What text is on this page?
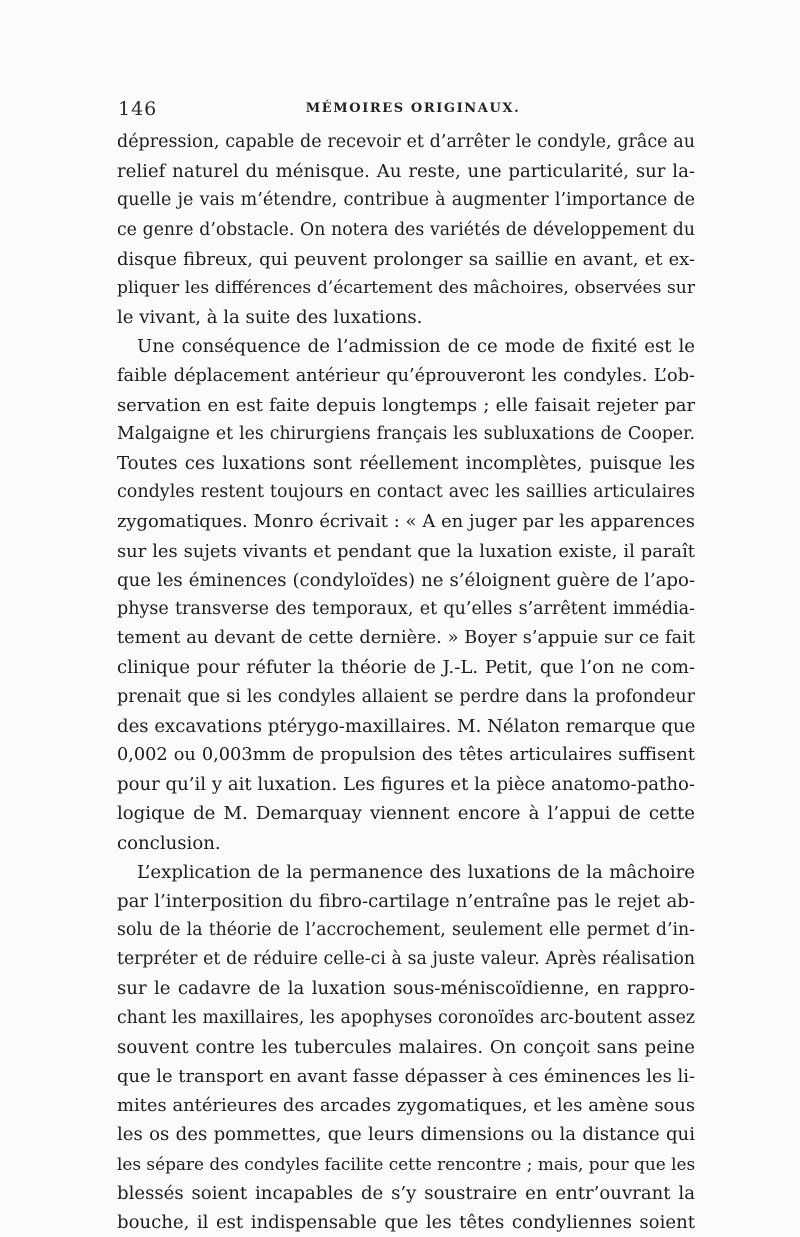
146	MÉMOIRES ORIGINAUX.
dépression, capable de recevoir et d’arrêter le condyle, grâce au
relief naturel du ménisque. Au reste, une particularité, sur la-
quelle je vais m’étendre, contribue à augmenter l’importance de
ce genre d’obstacle. On notera des variétés de développement du
disque fibreux, qui peuvent prolonger sa saillie en avant, et ex-
pliquer les différences d’écartement des mâchoires, observées sur
le vivant, à la suite des luxations.
Une conséquence de l’admission de ce mode de fixité est le
faible déplacement antérieur qu’éprouveront les condyles. L’ob-
servation en est faite depuis longtemps ; elle faisait rejeter par
Malgaigne et les chirurgiens français les subluxations de Cooper.
Toutes ces luxations sont réellement incomplètes, puisque les
condyles restent toujours en contact avec les saillies articulaires
zygomatiques. Monro écrivait : « A en juger par les apparences
sur les sujets vivants et pendant que la luxation existe, il paraît
que les éminences (condyloïdes) ne s’éloignent guère de l’apo-
physe transverse des temporaux, et qu’elles s’arrêtent immédia-
tement au devant de cette dernière. » Boyer s’appuie sur ce fait
clinique pour réfuter la théorie de J.-L. Petit, que l’on ne com-
prenait que si les condyles allaient se perdre dans la profondeur
des excavations ptérygo-maxillaires. M. Nélaton remarque que
0,002 ou 0,003mm de propulsion des têtes articulaires suffisent
pour qu’il y ait luxation. Les figures et la pièce anatomo-patho-
logique de M. Demarquay viennent encore à l’appui de cette
conclusion.
L’explication de la permanence des luxations de la mâchoire
par l’interposition du fibro-cartilage n’entraîne pas le rejet ab-
solu de la théorie de l’accrochement, seulement elle permet d’in-
terpréter et de réduire celle-ci à sa juste valeur. Après réalisation
sur le cadavre de la luxation sous-méniscoïdienne, en rappro-
chant les maxillaires, les apophyses coronoïdes arc-boutent assez
souvent contre les tubercules malaires. On conçoit sans peine
que le transport en avant fasse dépasser à ces éminences les li-
mites antérieures des arcades zygomatiques, et les amène sous
les os des pommettes, que leurs dimensions ou la distance qui
les sépare des condyles facilite cette rencontre ; mais, pour que les
blessés soient incapables de s’y soustraire en entr’ouvrant la
bouche, il est indispensable que les têtes condyliennes soient
